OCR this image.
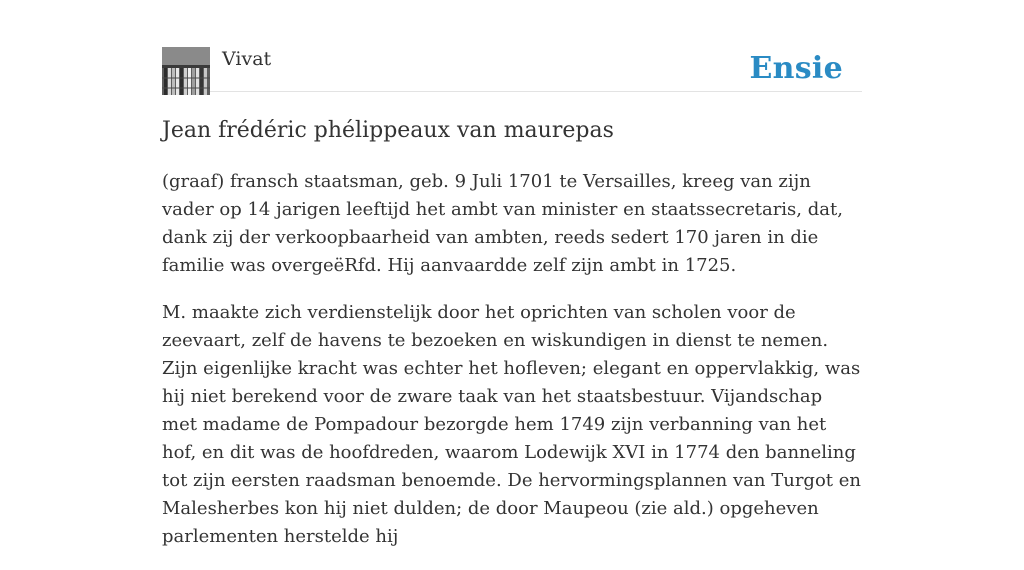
Vivat	Ensie
Jean frédéric phélippeaux van maurepas

(graaf) fransch staatsman, geb. 9 Juli 1701 te Versailles, kreeg van zijn vader op 14 jarigen leeftijd het ambt van minister en staatssecretaris, dat, dank zij der verkoopbaarheid van ambten, reeds sedert 170 jaren in die familie was overgeëRfd. Hij aanvaardde zelf zijn ambt in 1725.

M. maakte zich verdienstelijk door het oprichten van scholen voor de zeevaart, zelf de havens te bezoeken en wiskundigen in dienst te nemen. Zijn eigenlijke kracht was echter het hofleven; elegant en oppervlakkig, was hij niet berekend voor de zware taak van het staatsbestuur. Vijandschap met madame de Pompadour bezorgde hem 1749 zijn verbanning van het hof, en dit was de hoofdreden, waarom Lodewijk XVI in 1774 den banneling tot zijn eersten raadsman benoemde. De hervormingsplannen van Turgot en Malesherbes kon hij niet dulden; de door Maupeou (zie ald.) opgeheven parlementen herstelde hij
